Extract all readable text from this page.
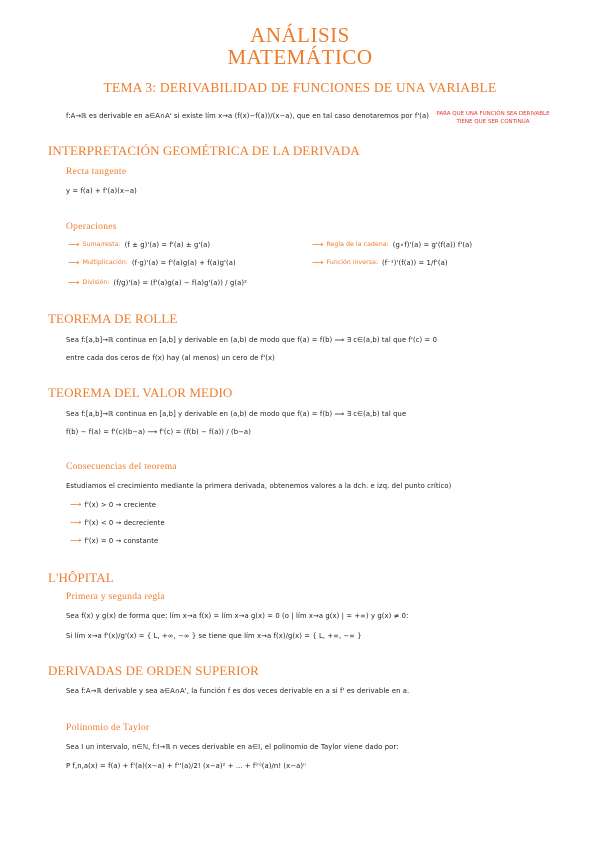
ANÁLISIS
MATEMÁTICO
TEMA 3: DERIVABILIDAD DE FUNCIONES DE UNA VARIABLE
f:A→ℝ es derivable en a∈A∩A' si existe lím x→a (f(x)−f(a))/(x−a), que en tal caso denotaremos por f'(a)	PARA QUE UNA FUNCIÓN SEA DERIVABLE
TIENE QUE SER CONTINUA
INTERPRETACIÓN GEOMÉTRICA DE LA DERIVADA
Recta tangente
y = f(a) + f'(a)(x−a)
Operaciones
⟶ Suma/resta: (f ± g)'(a) = f'(a) ± g'(a)
⟶ Multiplicación: (f·g)'(a) = f'(a)g(a) + f(a)g'(a)
⟶ División: (f/g)'(a) = (f'(a)g(a) − f(a)g'(a)) / g(a)²
⟶ Regla de la cadena: (g∘f)'(a) = g'(f(a)) f'(a)
⟶ Función inversa: (f⁻¹)'(f(a)) = 1/f'(a)
TEOREMA DE ROLLE
Sea f:[a,b]→ℝ continua en [a,b] y derivable en (a,b) de modo que f(a) = f(b) ⟹ ∃ c∈(a,b) tal que f'(c) = 0
entre cada dos ceros de f(x) hay (al menos) un cero de f'(x)
TEOREMA DEL VALOR MEDIO
Sea f:[a,b]→ℝ continua en [a,b] y derivable en (a,b) de modo que f(a) = f(b) ⟹ ∃ c∈(a,b) tal que
f(b) − f(a) = f'(c)(b−a) ⟶ f'(c) = (f(b) − f(a)) / (b−a)
Consecuencias del teorema
Estudiamos el crecimiento mediante la primera derivada, obtenemos valores a la dch. e izq. del punto crítico)
⟶ f'(x) > 0 → creciente
⟶ f'(x) < 0 → decreciente
⟶ f'(x) = 0 → constante
L'HÔPITAL
Primera y segunda regla
Sea f(x) y g(x) de forma que: lím x→a f(x) = lím x→a g(x) = 0 (o | lím x→a g(x) | = +∞) y g(x) ≠ 0:
Si lím x→a f'(x)/g'(x) = { L, +∞, −∞ } se tiene que lím x→a f(x)/g(x) = { L, +∞, −∞ }
DERIVADAS DE ORDEN SUPERIOR
Sea f:A→ℝ derivable y sea a∈A∩A', la función f es dos veces derivable en a si f' es derivable en a.
Polinomio de Taylor
Sea I un intervalo, n∈ℕ, f:I→ℝ n veces derivable en a∈I, el polinomio de Taylor viene dado por:
P f,n,a(x) = f(a) + f'(a)(x−a) + f''(a)/2! (x−a)² + ... + f⁽ⁿ⁾(a)/n! (x−a)ⁿ
